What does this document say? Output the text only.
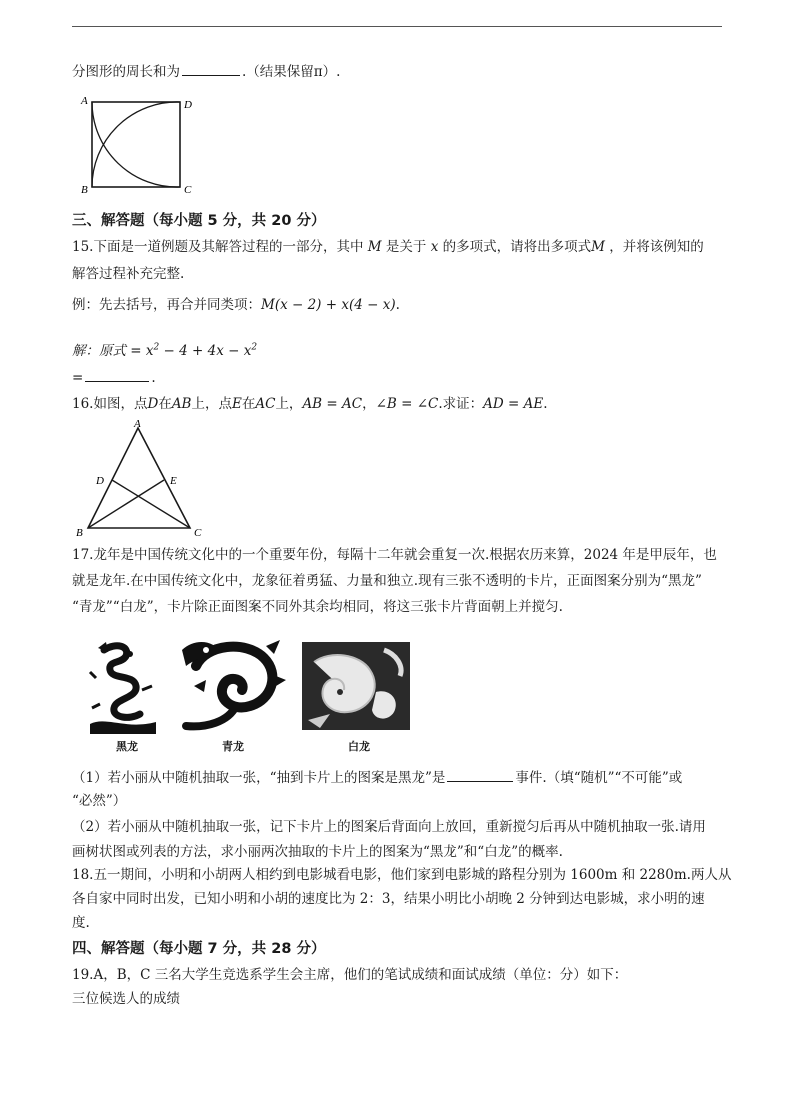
分图形的周长和为	.（结果保留π）.
A	D
B	C
三、解答题（每小题 5 分，共 20 分）
15.下面是一道例题及其解答过程的一部分，其中 M 是关于 x 的多项式，请将出多项式M ，并将该例知的
解答过程补充完整.
例：先去括号，再合并同类项：M(x − 2) + x(4 − x).
解：原式 = $x^2 - 4 + 4x - x^2$
=	.
16.如图，点D在AB上，点E在AC上，AB = AC，∠B = ∠C.求证：AD = AE.
A
B	C
D	E
17.龙年是中国传统文化中的一个重要年份，每隔十二年就会重复一次.根据农历来算，2024 年是甲辰年，也
就是龙年.在中国传统文化中，龙象征着勇猛、力量和独立.现有三张不透明的卡片，正面图案分别为“黑龙”
“青龙”“白龙”，卡片除正面图案不同外其余均相同，将这三张卡片背面朝上并搅匀.
黑龙	青龙	白龙
（1）若小丽从中随机抽取一张，“抽到卡片上的图案是黑龙”是	事件.（填“随机”“不可能”或
“必然”）
（2）若小丽从中随机抽取一张，记下卡片上的图案后背面向上放回，重新搅匀后再从中随机抽取一张.请用
画树状图或列表的方法，求小丽两次抽取的卡片上的图案为“黑龙”和“白龙”的概率.
18.五一期间，小明和小胡两人相约到电影城看电影，他们家到电影城的路程分别为 1600m 和 2280m.两人从
各自家中同时出发，已知小明和小胡的速度比为 2：3，结果小明比小胡晚 2 分钟到达电影城，求小明的速
度.
四、解答题（每小题 7 分，共 28 分）
19.A，B，C 三名大学生竞选系学生会主席，他们的笔试成绩和面试成绩（单位：分）如下：
三位候选人的成绩
